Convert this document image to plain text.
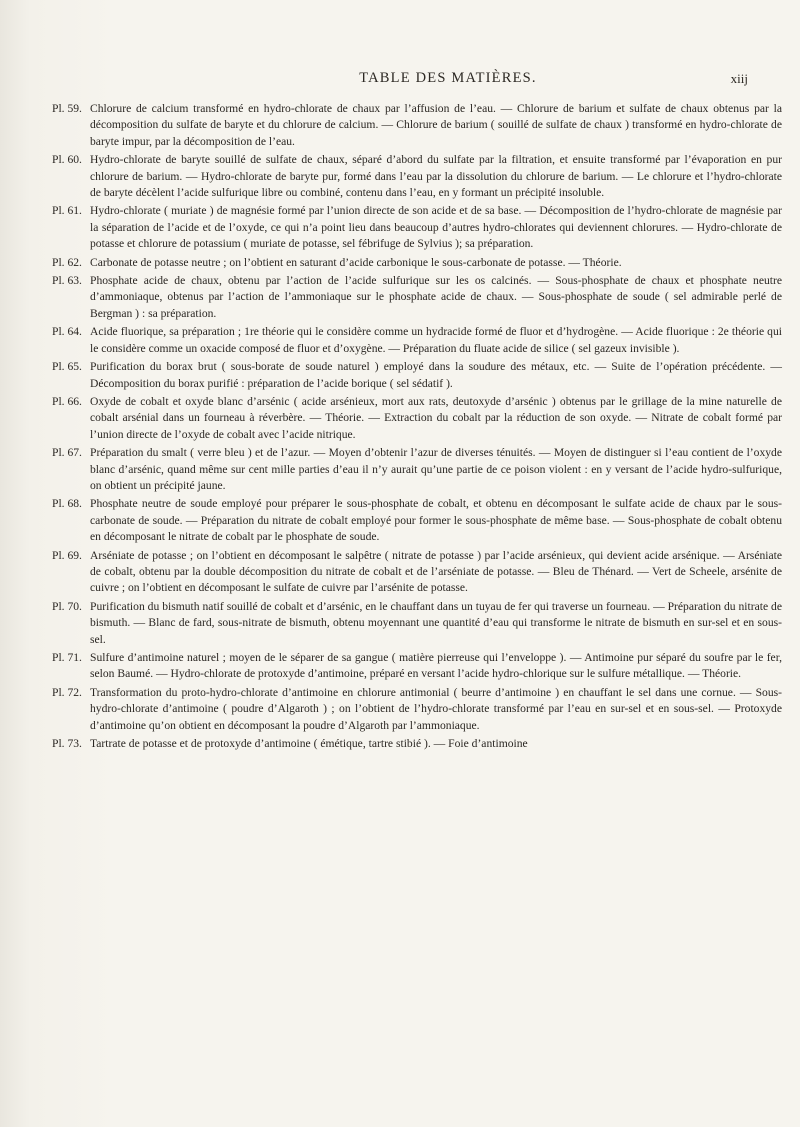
TABLE DES MATIÈRES.	xiij
Pl. 59. Chlorure de calcium transformé en hydro-chlorate de chaux par l’affusion de l’eau. — Chlorure de barium et sulfate de chaux obtenus par la décomposition du sulfate de baryte et du chlorure de calcium. — Chlorure de barium ( souillé de sulfate de chaux ) transformé en hydro-chlorate de baryte impur, par la décomposition de l’eau.
Pl. 60. Hydro-chlorate de baryte souillé de sulfate de chaux, séparé d’abord du sulfate par la filtration, et ensuite transformé par l’évaporation en pur chlorure de barium. — Hydro-chlorate de baryte pur, formé dans l’eau par la dissolution du chlorure de barium. — Le chlorure et l’hydro-chlorate de baryte décèlent l’acide sulfurique libre ou combiné, contenu dans l’eau, en y formant un précipité insoluble.
Pl. 61. Hydro-chlorate ( muriate ) de magnésie formé par l’union directe de son acide et de sa base. — Décomposition de l’hydro-chlorate de magnésie par la séparation de l’acide et de l’oxyde, ce qui n’a point lieu dans beaucoup d’autres hydro-chlorates qui deviennent chlorures. — Hydro-chlorate de potasse et chlorure de potassium ( muriate de potasse, sel fébrifuge de Sylvius ); sa préparation.
Pl. 62. Carbonate de potasse neutre ; on l’obtient en saturant d’acide carbonique le sous-carbonate de potasse. — Théorie.
Pl. 63. Phosphate acide de chaux, obtenu par l’action de l’acide sulfurique sur les os calcinés. — Sous-phosphate de chaux et phosphate neutre d’ammoniaque, obtenus par l’action de l’ammoniaque sur le phosphate acide de chaux. — Sous-phosphate de soude ( sel admirable perlé de Bergman ) : sa préparation.
Pl. 64. Acide fluorique, sa préparation ; 1re théorie qui le considère comme un hydracide formé de fluor et d’hydrogène. — Acide fluorique : 2e théorie qui le considère comme un oxacide composé de fluor et d’oxygène. — Préparation du fluate acide de silice ( sel gazeux invisible ).
Pl. 65. Purification du borax brut ( sous-borate de soude naturel ) employé dans la soudure des métaux, etc. — Suite de l’opération précédente. — Décomposition du borax purifié : préparation de l’acide borique ( sel sédatif ).
Pl. 66. Oxyde de cobalt et oxyde blanc d’arsénic ( acide arsénieux, mort aux rats, deutoxyde d’arsénic ) obtenus par le grillage de la mine naturelle de cobalt arsénial dans un fourneau à réverbère. — Théorie. — Extraction du cobalt par la réduction de son oxyde. — Nitrate de cobalt formé par l’union directe de l’oxyde de cobalt avec l’acide nitrique.
Pl. 67. Préparation du smalt ( verre bleu ) et de l’azur. — Moyen d’obtenir l’azur de diverses ténuités. — Moyen de distinguer si l’eau contient de l’oxyde blanc d’arsénic, quand même sur cent mille parties d’eau il n’y aurait qu’une partie de ce poison violent : en y versant de l’acide hydro-sulfurique, on obtient un précipité jaune.
Pl. 68. Phosphate neutre de soude employé pour préparer le sous-phosphate de cobalt, et obtenu en décomposant le sulfate acide de chaux par le sous-carbonate de soude. — Préparation du nitrate de cobalt employé pour former le sous-phosphate de même base. — Sous-phosphate de cobalt obtenu en décomposant le nitrate de cobalt par le phosphate de soude.
Pl. 69. Arséniate de potasse ; on l’obtient en décomposant le salpêtre ( nitrate de potasse ) par l’acide arsénieux, qui devient acide arsénique. — Arséniate de cobalt, obtenu par la double décomposition du nitrate de cobalt et de l’arséniate de potasse. — Bleu de Thénard. — Vert de Scheele, arsénite de cuivre ; on l’obtient en décomposant le sulfate de cuivre par l’arsénite de potasse.
Pl. 70. Purification du bismuth natif souillé de cobalt et d’arsénic, en le chauffant dans un tuyau de fer qui traverse un fourneau. — Préparation du nitrate de bismuth. — Blanc de fard, sous-nitrate de bismuth, obtenu moyennant une quantité d’eau qui transforme le nitrate de bismuth en sur-sel et en sous-sel.
Pl. 71. Sulfure d’antimoine naturel ; moyen de le séparer de sa gangue ( matière pierreuse qui l’enveloppe ). — Antimoine pur séparé du soufre par le fer, selon Baumé. — Hydro-chlorate de protoxyde d’antimoine, préparé en versant l’acide hydro-chlorique sur le sulfure métallique. — Théorie.
Pl. 72. Transformation du proto-hydro-chlorate d’antimoine en chlorure antimonial ( beurre d’antimoine ) en chauffant le sel dans une cornue. — Sous-hydro-chlorate d’antimoine ( poudre d’Algaroth ) ; on l’obtient de l’hydro-chlorate transformé par l’eau en sur-sel et en sous-sel. — Protoxyde d’antimoine qu’on obtient en décomposant la poudre d’Algaroth par l’ammoniaque.
Pl. 73. Tartrate de potasse et de protoxyde d’antimoine ( émétique, tartre stibié ). — Foie d’antimoine
